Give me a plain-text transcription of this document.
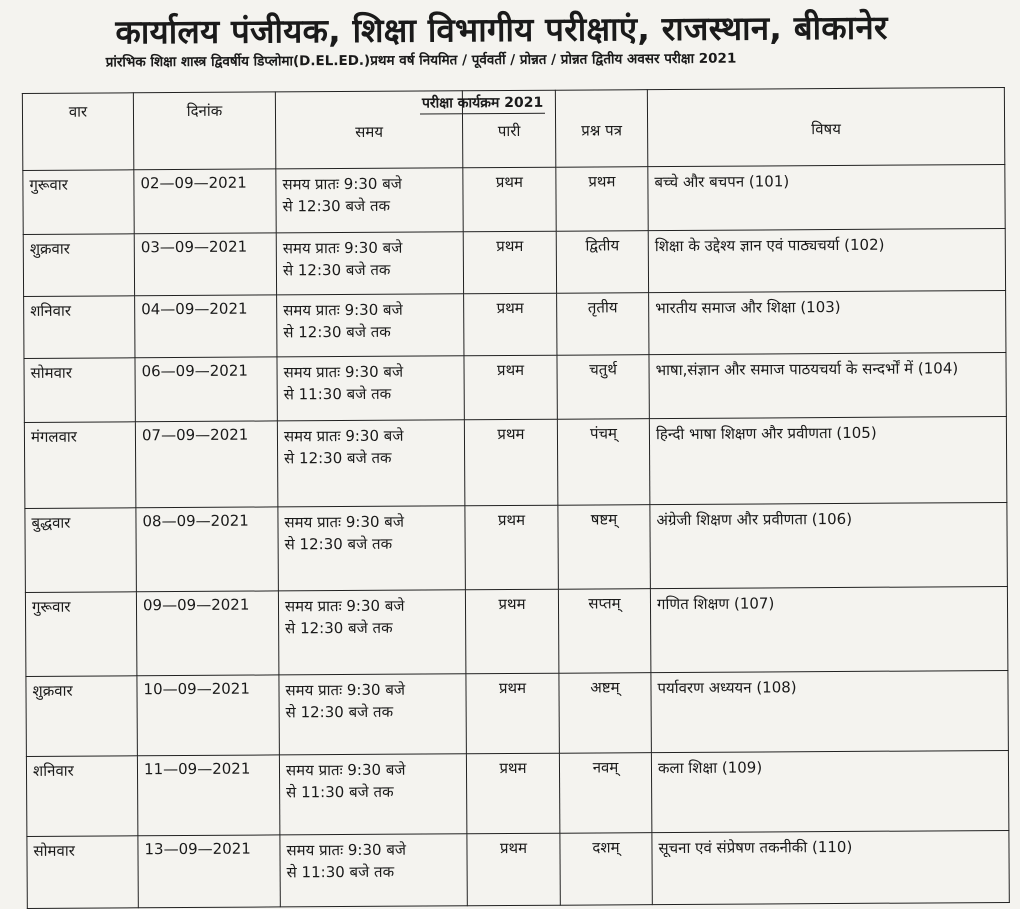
कार्यालय पंजीयक, शिक्षा विभागीय परीक्षाएं, राजस्थान, बीकानेर
प्रांरभिक शिक्षा शास्त्र द्विवर्षीय डिप्लोमा(D.EL.ED.)प्रथम वर्ष नियमित / पूर्ववर्ती / प्रोन्नत / प्रोन्नत द्वितीय अवसर परीक्षा 2021
वार	दिनांक	समय	पारी	प्रश्न पत्र	विषय
गुरूवार	02—09—2021	समय प्रातः 9:30 बजे
से 12:30 बजे तक	प्रथम	प्रथम	बच्चे और बचपन (101)
शुक्रवार	03—09—2021	समय प्रातः 9:30 बजे
से 12:30 बजे तक	प्रथम	द्वितीय	शिक्षा के उद्देश्य ज्ञान एवं पाठ्यचर्या (102)
शनिवार	04—09—2021	समय प्रातः 9:30 बजे
से 12:30 बजे तक	प्रथम	तृतीय	भारतीय समाज और शिक्षा (103)
सोमवार	06—09—2021	समय प्रातः 9:30 बजे
से 11:30 बजे तक	प्रथम	चतुर्थ	भाषा,संज्ञान और समाज पाठयचर्या के सन्दर्भों में (104)
मंगलवार	07—09—2021	समय प्रातः 9:30 बजे
से 12:30 बजे तक	प्रथम	पंचम्	हिन्दी भाषा शिक्षण और प्रवीणता (105)
बुद्धवार	08—09—2021	समय प्रातः 9:30 बजे
से 12:30 बजे तक	प्रथम	षष्टम्	अंग्रेजी शिक्षण और प्रवीणता (106)
गुरूवार	09—09—2021	समय प्रातः 9:30 बजे
से 12:30 बजे तक	प्रथम	सप्तम्	गणित शिक्षण (107)
शुक्रवार	10—09—2021	समय प्रातः 9:30 बजे
से 12:30 बजे तक	प्रथम	अष्टम्	पर्यावरण अध्ययन (108)
शनिवार	11—09—2021	समय प्रातः 9:30 बजे
से 11:30 बजे तक	प्रथम	नवम्	कला शिक्षा (109)
सोमवार	13—09—2021	समय प्रातः 9:30 बजे
से 11:30 बजे तक	प्रथम	दशम्	सूचना एवं संप्रेषण तकनीकी (110)
परीक्षा कार्यक्रम 2021
